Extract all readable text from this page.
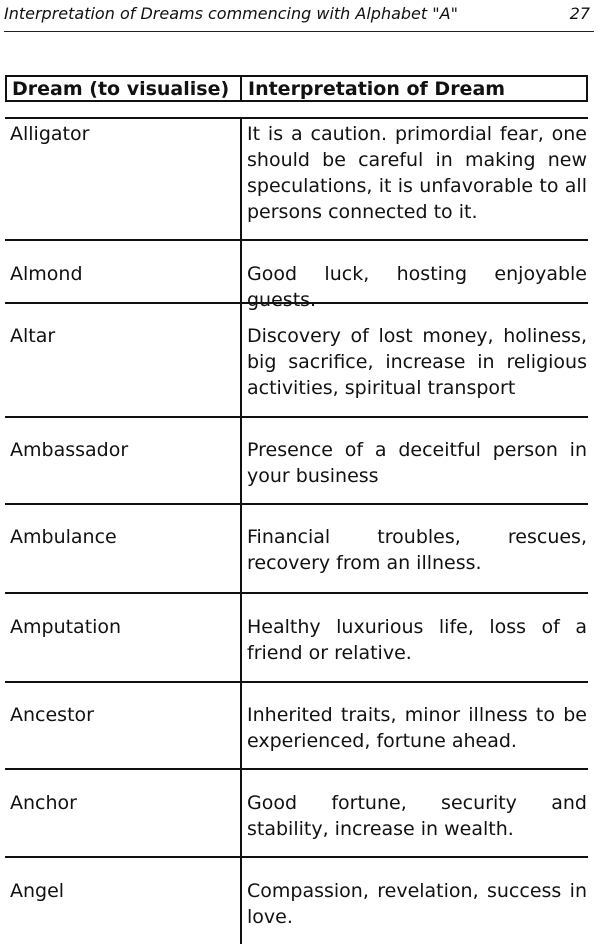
Interpretation of Dreams commencing with Alphabet "A"	27
Dream (to visualise) Interpretation of Dream
Alligator	It is a caution. primordial fear, one should be careful in making new speculations, it is unfavorable to all persons connected to it.
Almond	Good luck, hosting enjoyable guests.
Altar	Discovery of lost money, holiness, big sacrifice, increase in religious activities, spiritual transport
Ambassador	Presence of a deceitful person in your business
Ambulance	Financial troubles, rescues, recovery from an illness.
Amputation	Healthy luxurious life, loss of a friend or relative.
Ancestor	Inherited traits, minor illness to be experienced, fortune ahead.
Anchor	Good fortune, security and stability, increase in wealth.
Angel	Compassion, revelation, success in love.
